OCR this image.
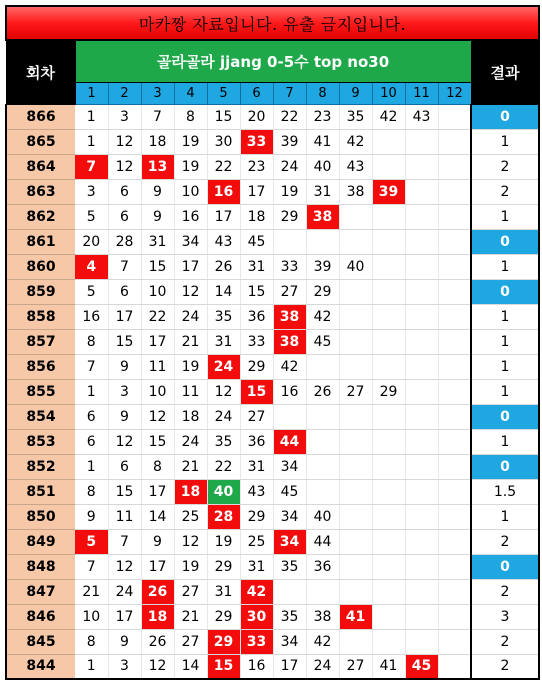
마카짱 자료입니다. 유출 금지입니다.													
회차	골라골라 jjang 0-5수 top no30												결과
	1	2	3	4	5	6	7	8	9	10	11	12	
866	1	3	7	8	15	20	22	23	35	42	43		0
865	1	12	18	19	30	33	39	41	42				1
864	7	12	13	19	22	23	24	40	43				2
863	3	6	9	10	16	17	19	31	38	39			2
862	5	6	9	16	17	18	29	38					1
861	20	28	31	34	43	45							0
860	4	7	15	17	26	31	33	39	40				1
859	5	6	10	12	14	15	27	29					0
858	16	17	22	24	35	36	38	42					1
857	8	15	17	21	31	33	38	45					1
856	7	9	11	19	24	29	42						1
855	1	3	10	11	12	15	16	26	27	29			1
854	6	9	12	18	24	27							0
853	6	12	15	24	35	36	44						1
852	1	6	8	21	22	31	34						0
851	8	15	17	18	40	43	45						1.5
850	9	11	14	25	28	29	34	40					1
849	5	7	9	12	19	25	34	44					2
848	7	12	17	19	29	31	35	36					0
847	21	24	26	27	31	42							2
846	10	17	18	21	29	30	35	38	41				3
845	8	9	26	27	29	33	34	42					2
844	1	3	12	14	15	16	17	24	27	41	45		2
